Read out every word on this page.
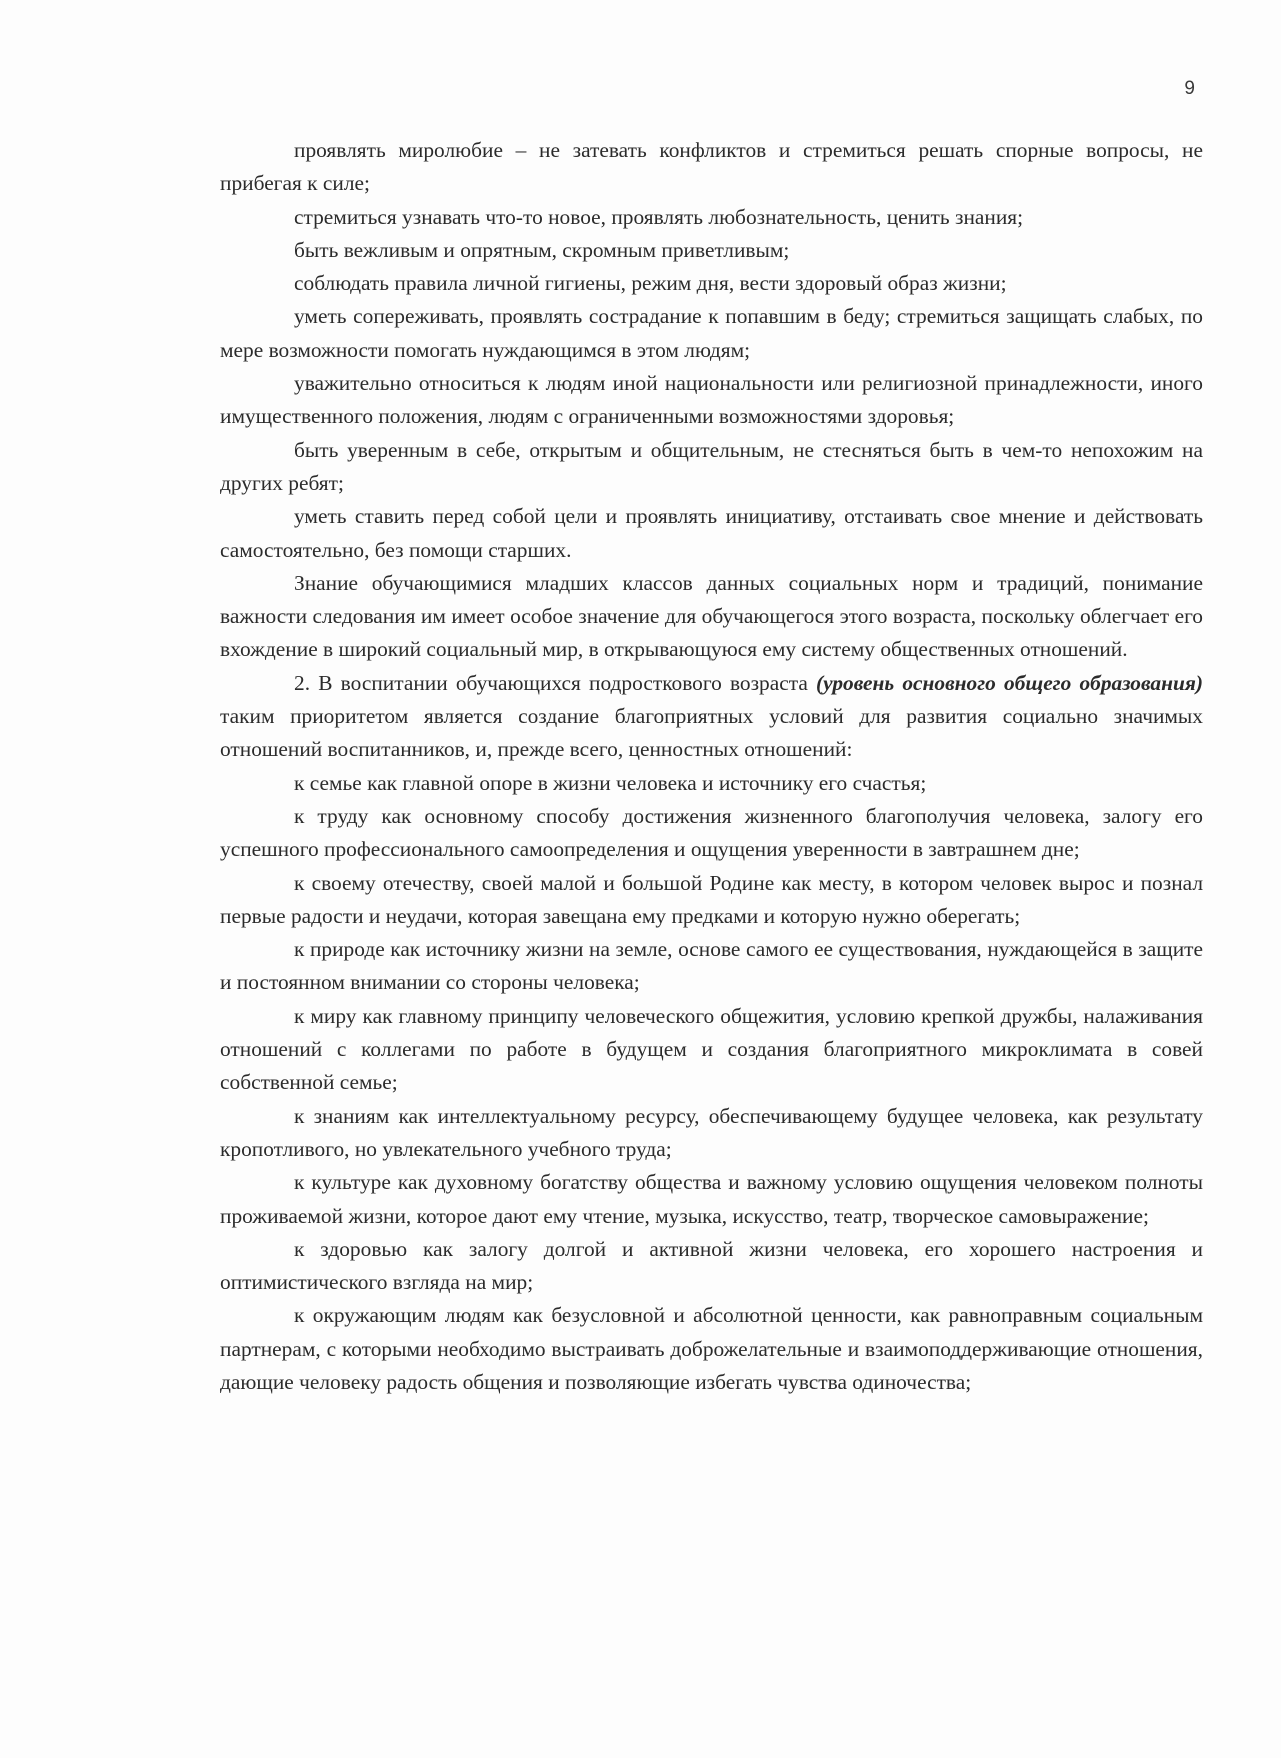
9

проявлять миролюбие – не затевать конфликтов и стремиться решать спорные вопросы, не прибегая к силе;

стремиться узнавать что-то новое, проявлять любознательность, ценить знания;

быть вежливым и опрятным, скромным приветливым;

соблюдать правила личной гигиены, режим дня, вести здоровый образ жизни;

уметь сопереживать, проявлять сострадание к попавшим в беду; стремиться защищать слабых, по мере возможности помогать нуждающимся в этом людям;

уважительно относиться к людям иной национальности или религиозной принадлежности, иного имущественного положения, людям с ограниченными возможностями здоровья;

быть уверенным в себе, открытым и общительным, не стесняться быть в чем-то непохожим на других ребят;

уметь ставить перед собой цели и проявлять инициативу, отстаивать свое мнение и действовать самостоятельно, без помощи старших.

Знание обучающимися младших классов данных социальных норм и традиций, понимание важности следования им имеет особое значение для обучающегося этого возраста, поскольку облегчает его вхождение в широкий социальный мир, в открывающуюся ему систему общественных отношений.

2. В воспитании обучающихся подросткового возраста (уровень основного общего образования) таким приоритетом является создание благоприятных условий для развития социально значимых отношений воспитанников, и, прежде всего, ценностных отношений:

к семье как главной опоре в жизни человека и источнику его счастья;

к труду как основному способу достижения жизненного благополучия человека, залогу его успешного профессионального самоопределения и ощущения уверенности в завтрашнем дне;

к своему отечеству, своей малой и большой Родине как месту, в котором человек вырос и познал первые радости и неудачи, которая завещана ему предками и которую нужно оберегать;

к природе как источнику жизни на земле, основе самого ее существования, нуждающейся в защите и постоянном внимании со стороны человека;

к миру как главному принципу человеческого общежития, условию крепкой дружбы, налаживания отношений с коллегами по работе в будущем и создания благоприятного микроклимата в совей собственной семье;

к знаниям как интеллектуальному ресурсу, обеспечивающему будущее человека, как результату кропотливого, но увлекательного учебного труда;

к культуре как духовному богатству общества и важному условию ощущения человеком полноты проживаемой жизни, которое дают ему чтение, музыка, искусство, театр, творческое самовыражение;

к здоровью как залогу долгой и активной жизни человека, его хорошего настроения и оптимистического взгляда на мир;

к окружающим людям как безусловной и абсолютной ценности, как равноправным социальным партнерам, с которыми необходимо выстраивать доброжелательные и взаимоподдерживающие отношения, дающие человеку радость общения и позволяющие избегать чувства одиночества;
